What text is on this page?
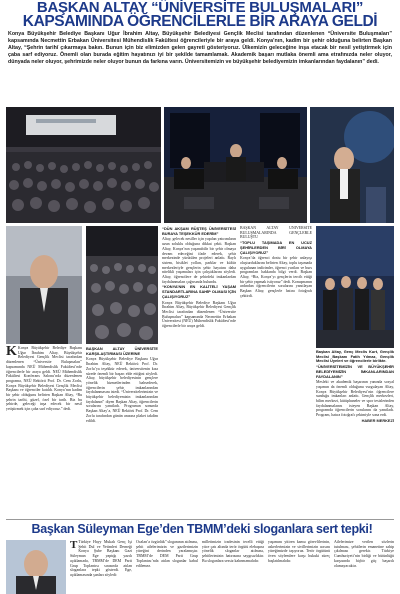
BAŞKAN ALTAY “ÜNİVERSİTE BULUŞMALARI”
KAPSAMINDA ÖĞRENCİLERLE BİR ARAYA GELDİ
Konya Büyükşehir Belediye Başkanı Uğur İbrahim Altay, Büyükşehir Belediyesi Gençlik Meclisi tarafından düzenlenen “Üniversite Buluşmaları” kapsamında Necmettin Erbakan Üniversitesi Mühendislik Fakültesi öğrencileriyle bir araya geldi. Konya’nın, kadim bir şehir olduğuna belirten Başkan Altay, “Şehrin tarihî çıkarmaya bakın. Bunun için biz elimizden gelen gayreti gösteriyoruz. Ülkemizin geleceğine inşa etacak bir nesil yetiştirmek için çaba sarf ediyoruz. Önemli olan burada eğitim hayatınızı iyi bir şekilde tamamlamak. Akademik başarı mutlaka önemli ama etrafınızda neler oluyor, dünyada neler oluyor, şehrimizde neler oluyor bunun da farkına varın. Üniversitemizin ve büyükşehir belediyemizin imkanlarından faydalanın” dedi.
K Konya Büyükşehir Belediye Başkanı Uğur İbrahim Altay, Büyükşehir Belediyesi Gençlik Meclisi tarafından düzenlenen “Üniversite Buluşmaları” kapsamında NEÜ Mühendislik Fakültesi’nde öğrencilerle bir araya geldi. NEÜ Mühendislik Fakültesi Konferans Salonu’nda düzenlenen programa, NEÜ Rektörü Prof. Dr. Cem Zorlu, Konya Büyükşehir Belediyesi Gençlik Meclisi Başkanı ve öğrenciler katıldı. Konya’nın kadim bir şehir olduğunu belirten Başkan Altay, “Bu şehrin tarihi, güzel, özel bir tarih. Biz bu şehirde, geleceği inşa edecek bir nesil yetiştirmek için çaba sarf ediyoruz.” dedi.
BAŞKAN ALTAY ÜNİVERSİTE KARŞILAŞTIRMASI ÜZERİNE
Konya Büyükşehir Belediye Başkanı Uğur İbrahim Altay, NEÜ Rektörü Prof. Dr. Zorlu’ya teşekkür ederek, üniversitenin kısa sürede önemli bir başarı elde ettiğini söyledi. Altay, büyükşehir belediyesinin gençlere yönelik hizmetlerinden bahsederek, öğrencilerin şehir imkanlarından faydalanmasını istedi. “Üniversitelerimizin ve büyükşehir belediyemizin imkanlarından faydalanın” diyen Başkan Altay, öğrencilerin sorularını yanıtladı. Programın sonunda Başkan Altay’a, NEÜ Rektörü Prof. Dr. Cem Zorlu tarafından günün anısına plaket takdim edildi.
“DÜN AKŞAM RÜŞTEŞ ÜNİVERSİTESİ BURAYA TEŞEKKÜR EDERİM”
Altay, gelecek nesiller için yapılan yatırımların uzun soluklu olduğuna dikkat çekti. Başkan Altay, Konya’nın yaşanabilir bir şehir olmaya devam edeceğini ifade ederek, şehir merkezinde yürütülen projeleri anlattı. Raylı sistem, bisiklet yolları, parklar ve kültür merkezleriyle gençlerin şehir hayatını daha nitelikli yaşamaları için çalıştıklarını söyledi. Altay, öğrencilere de şehirdeki imkanlardan faydalanmaları çağrısında bulundu.
“KONYA’NIN EN KALİTELİ YAŞAM STANDARTLARINA SAHİP OLMASI İÇİN ÇALIŞIYORUZ”
Konya Büyükşehir Belediye Başkanı Uğur İbrahim Altay, Büyükşehir Belediyesi Gençlik Meclisi tarafından düzenlenen “Üniversite Buluşmaları” kapsamında Necmettin Erbakan Üniversitesi (NEÜ) Mühendislik Fakültesi’nde öğrencilerle bir araya geldi.
BAŞKAN ALTAY ÜNİVERSİTE BULUŞMALARINDA GENÇLERLE BULUŞTU
“TOPLU TAŞIMADA EN UCUZ ŞEHİRLERDEN BİRİ OLMAYA ÇALIŞIYORUZ”
Konya’da öğrenci dostu bir şehir anlayışı oluşturduklarını belirten Altay, toplu taşımada uygulanan indirimler, öğrenci yurtları ve burs programları hakkında bilgi verdi. Başkan Altay, “Biz, Konya’yı gençlerin tercih ettiği bir şehir yapmak istiyoruz” dedi. Konuşmanın ardından öğrencilerin sorularını yanıtlayan Başkan Altay, gençlerle hatıra fotoğrafı çektirdi.
Başkan Altay, Genç Meclis Kurt, Gençlik Meclisi Başkanı Fatih Yılmaz, Gençlik Meclisi Üyeleri ve öğrencilerle birlikte.
“ÜNİVERSİTEMİZİN VE BÜYÜKŞEHİR BELEDİYEMİZİN İMKANLARINDAN FAYDALANIN”
Mesleki ve akademik başarının yanında sosyal yaşamın da önemli olduğunu vurgulayan Altay, Konya Büyükşehir Belediyesi’nin öğrencilere sunduğu imkanları anlattı. Gençlik merkezleri, bilim merkezi, kütüphaneler ve spor tesislerinden faydalanmalarını isteyen Başkan Altay, programda öğrencilerin sorularını da yanıtladı. Program, hatıra fotoğrafı çekimiyle sona erdi.
HABER MERKEZİ
Başkan Süleyman Ege’den TBMM’deki sloganlara sert tepki!
T Türkiye Hayy Mukalı Genç İşi Şehit Dul ve Yetimleri Derneği Konya Şube Başkanı Gazi Süleyman Ege yaptığı yazılı açıklamada, TBMM’de DEM Parti Grup Toplantısı sırasında atılan sloganlara tepki gösterdi. Ege, açıklamasında şunları söyledi:
Öcalan’a özgürlük” sloganının atılması, şehit ailelerimizin ve gazilerimizin yüreğini derinden yaralamıştır. TBMM’de DEM Parti Grup Toplantısı’nda atılan sloganlar kabul edilemez.
milletimizin iradesinin tecelli ettiği yüce çatı altında terör örgütü elebaşına yönelik sloganlar atılması, şehitlerimizin hatırasına saygısızlıktır. Bu sloganlara sessiz kalınmamalıdır.
yaşamını yitiren kamu görevlilerinin, askerlerimizin ve sivillerimizin acısını yüreğimizde taşıyoruz. Terör örgütünü öven söylemlere karşı hukuki süreç başlatılmalıdır.
Ailelerimize verilen sözlerin tutulması, şehitlerin emanetine sahip çıkılması gerekir. Türkiye Cumhuriyeti’nin birliği ve bütünlüğü karşısında hiçbir güç başarılı olamayacaktır.
